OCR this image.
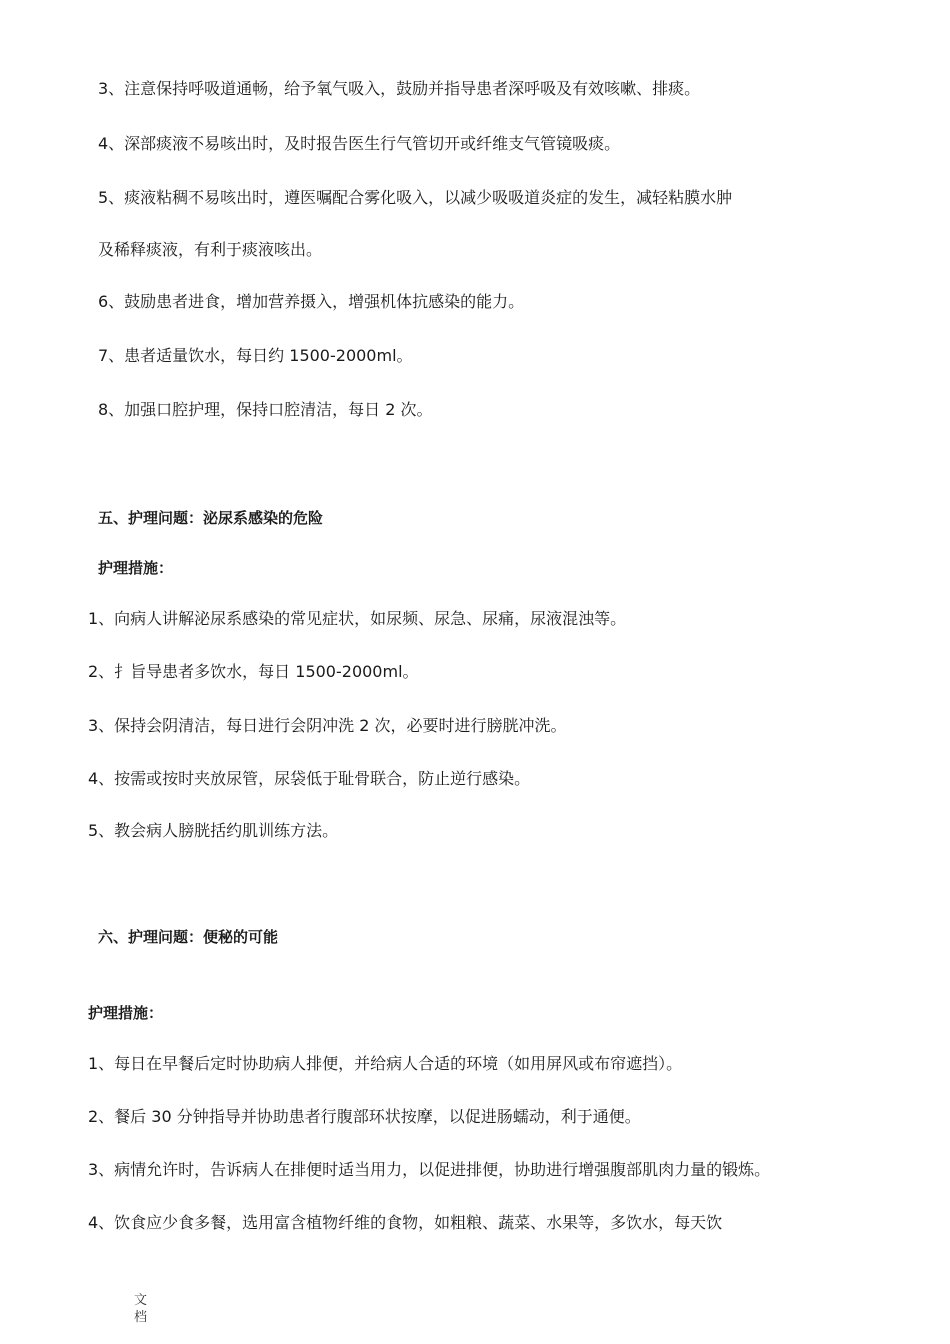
3、注意保持呼吸道通畅，给予氧气吸入，鼓励并指导患者深呼吸及有效咳嗽、排痰。
4、深部痰液不易咳出时，及时报告医生行气管切开或纤维支气管镜吸痰。
5、痰液粘稠不易咳出时，遵医嘱配合雾化吸入，以减少吸吸道炎症的发生，减轻粘膜水肿
及稀释痰液，有利于痰液咳出。
6、鼓励患者进食，增加营养摄入，增强机体抗感染的能力。
7、患者适量饮水，每日约 1500-2000ml。
8、加强口腔护理，保持口腔清洁，每日 2 次。
五、护理问题：泌尿系感染的危险
护理措施：
1、向病人讲解泌尿系感染的常见症状，如尿频、尿急、尿痛，尿液混浊等。
2、扌旨导患者多饮水，每日 1500-2000ml。
3、保持会阴清洁，每日进行会阴冲洗 2 次，必要时进行膀胱冲洗。
4、按需或按时夹放尿管，尿袋低于耻骨联合，防止逆行感染。
5、教会病人膀胱括约肌训练方法。
六、护理问题：便秘的可能
护理措施：
1、每日在早餐后定时协助病人排便，并给病人合适的环境（如用屏风或布帘遮挡）。
2、餐后 30 分钟指导并协助患者行腹部环状按摩，以促进肠蠕动，利于通便。
3、病情允许时，告诉病人在排便时适当用力，以促进排便，协助进行增强腹部肌肉力量的锻炼。
4、饮食应少食多餐，选用富含植物纤维的食物，如粗粮、蔬菜、水果等，多饮水，每天饮
文
档
